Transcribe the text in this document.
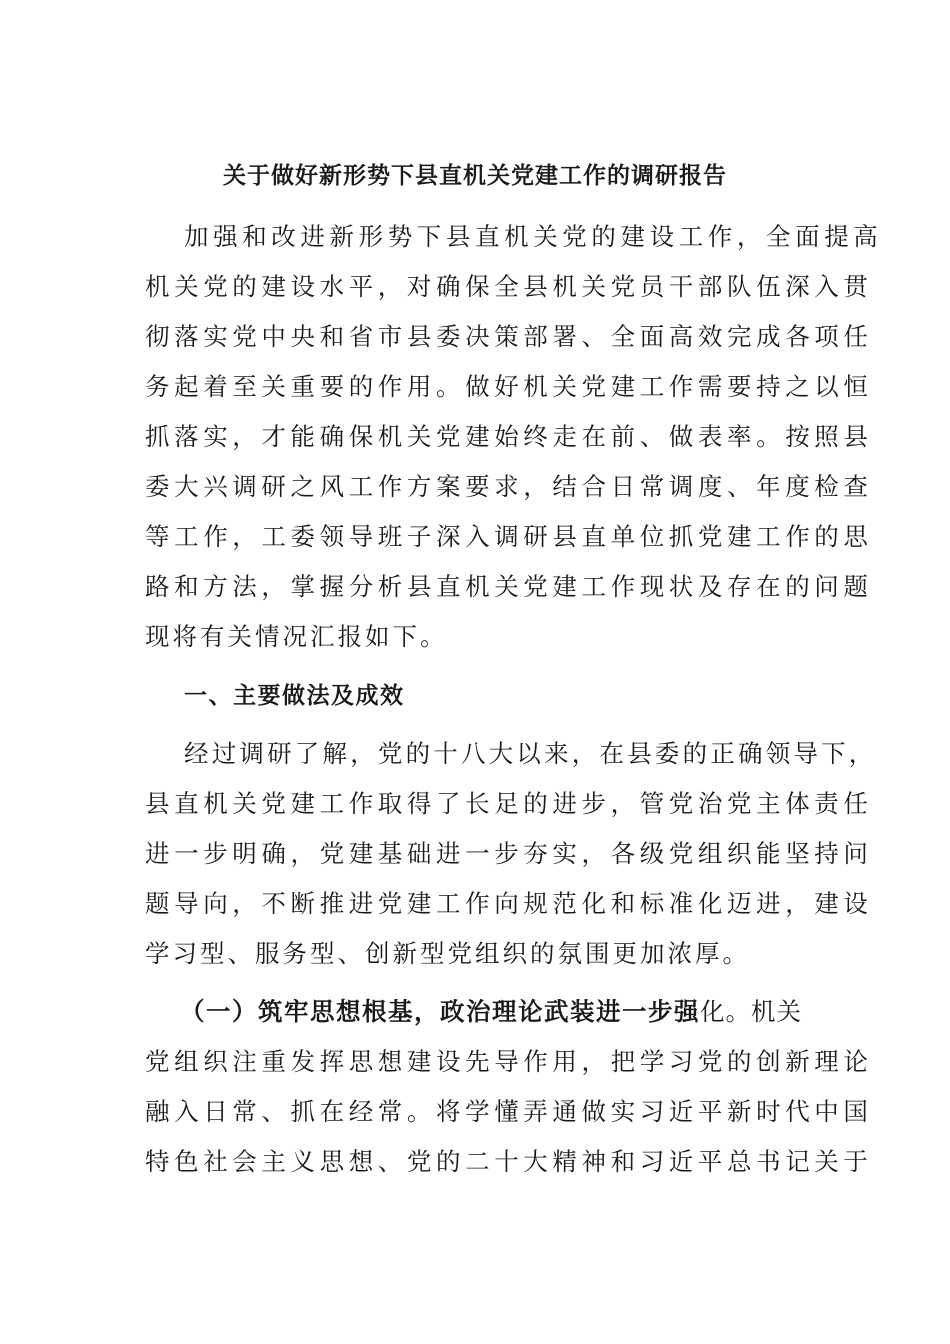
关于做好新形势下县直机关党建工作的调研报告
加强和改进新形势下县直机关党的建设工作，全面提高
机关党的建设水平，对确保全县机关党员干部队伍深入贯
彻落实党中央和省市县委决策部署、全面高效完成各项任
务起着至关重要的作用。做好机关党建工作需要持之以恒
抓落实，才能确保机关党建始终走在前、做表率。按照县
委大兴调研之风工作方案要求，结合日常调度、年度检查
等工作，工委领导班子深入调研县直单位抓党建工作的思
路和方法，掌握分析县直机关党建工作现状及存在的问题
现将有关情况汇报如下。
一、主要做法及成效
经过调研了解，党的十八大以来，在县委的正确领导下，
县直机关党建工作取得了长足的进步，管党治党主体责任
进一步明确，党建基础进一步夯实，各级党组织能坚持问
题导向，不断推进党建工作向规范化和标准化迈进，建设
学习型、服务型、创新型党组织的氛围更加浓厚。
（一）筑牢思想根基，政治理论武装进一步强化。机关
党组织注重发挥思想建设先导作用，把学习党的创新理论
融入日常、抓在经常。将学懂弄通做实习近平新时代中国
特色社会主义思想、党的二十大精神和习近平总书记关于
